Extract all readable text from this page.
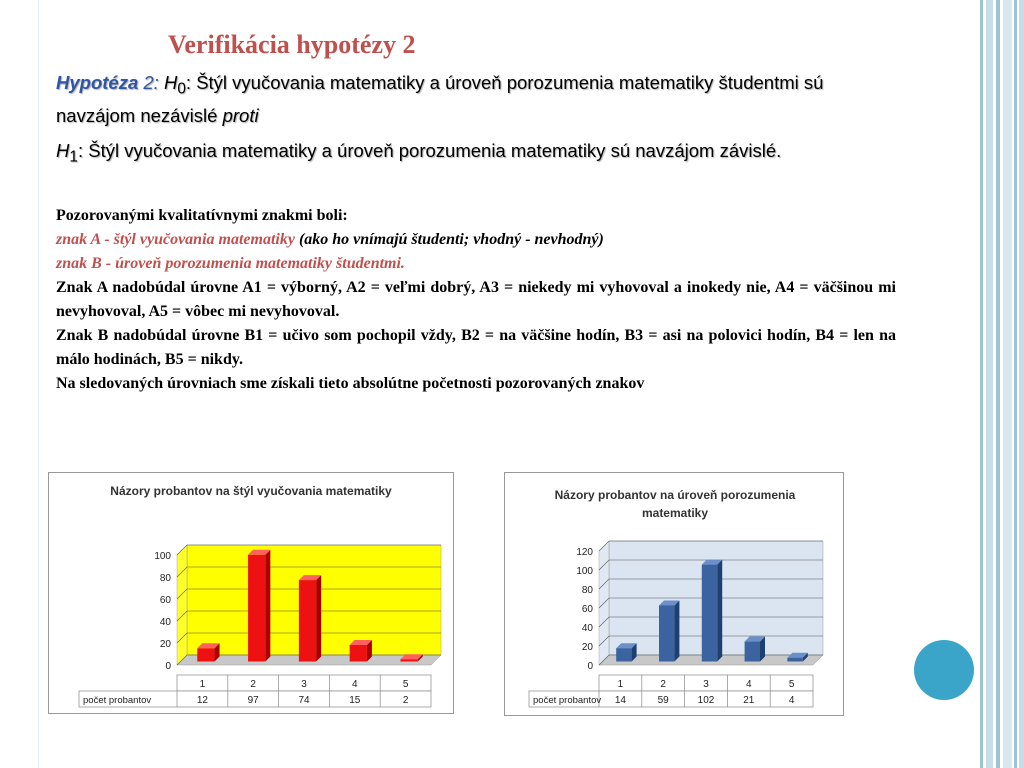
Verifikácia hypotézy 2
Hypotéza 2: $H_0$: Štýl vyučovania matematiky a úroveň porozumenia matematiky študentmi sú navzájom nezávislé proti
$H_1$: Štýl vyučovania matematiky a úroveň porozumenia matematiky sú navzájom závislé.

Pozorovanými kvalitatívnymi znakmi boli:

znak A - štýl vyučovania matematiky (ako ho vnímajú študenti; vhodný - nevhodný)

znak B - úroveň porozumenia matematiky študentmi.

Znak A nadobúdal úrovne A1 = výborný, A2 = veľmi dobrý, A3 = niekedy mi vyhovoval a inokedy nie, A4 = väčšinou mi nevyhovoval, A5 = vôbec mi nevyhovoval.

Znak B nadobúdal úrovne B1 = učivo som pochopil vždy, B2 = na väčšine hodín, B3 = asi na polovici hodín, B4 = len na málo hodinách, B5 = nikdy.

Na sledovaných úrovniach sme získali tieto absolútne početnosti pozorovaných znakov

Názory probantov na štýl vyučovania matematiky
0
20
40
60
80
100
počet probantov
1
12
2
97
3
74
4
15
5
2
Názory probantov na úroveň porozumenia
matematiky
0
20
40
60
80
100
120
počet probantov
1
14
2
59
3
102
4
21
5
4
